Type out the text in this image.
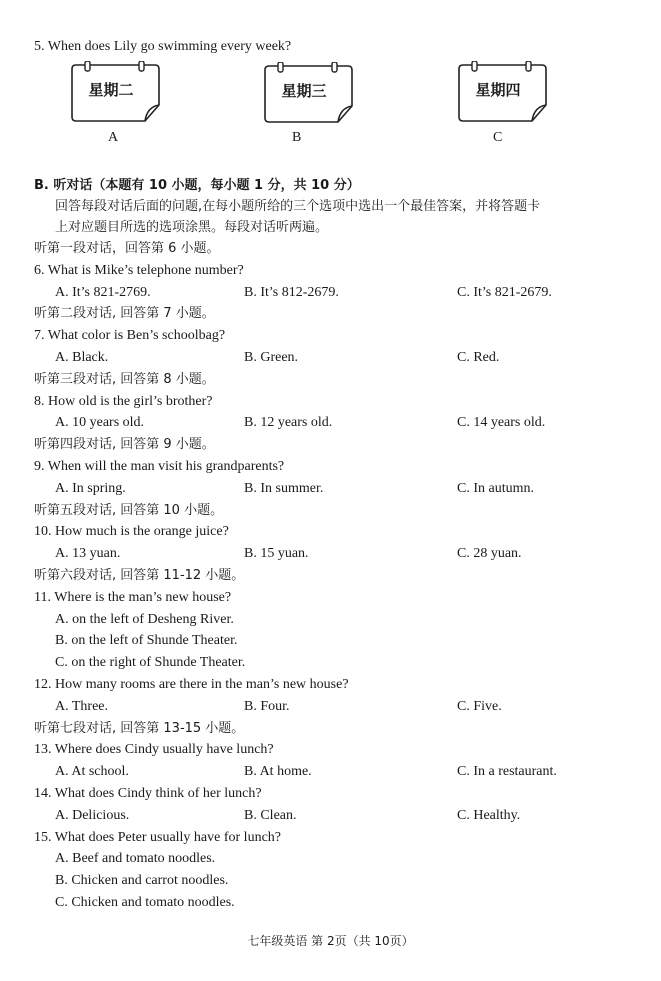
5. When does Lily go swimming every week?
星期二
A
星期三
B
星期四
C
B. 听对话（本题有 10 小题，每小题 1 分，共 10 分）
回答每段对话后面的问题,在每小题所给的三个选项中选出一个最佳答案，并将答题卡
上对应题目所选的选项涂黑。每段对话听两遍。
听第一段对话，回答第 6 小题。
6. What is Mike’s telephone number?
A. It’s 821-2769.	B. It’s 812-2679.	C. It’s 821-2679.
听第二段对话, 回答第 7 小题。
7. What color is Ben’s schoolbag?
A. Black.	B. Green.	C. Red.
听第三段对话, 回答第 8 小题。
8. How old is the girl’s brother?
A. 10 years old.	B. 12 years old.	C. 14 years old.
听第四段对话, 回答第 9 小题。
9. When will the man visit his grandparents?
A. In spring.	B. In summer.	C. In autumn.
听第五段对话, 回答第 10 小题。
10. How much is the orange juice?
A. 13 yuan.	B. 15 yuan.	C. 28 yuan.
听第六段对话, 回答第 11-12 小题。
11. Where is the man’s new house?
A. on the left of Desheng River.
B. on the left of Shunde Theater.
C. on the right of Shunde Theater.
12. How many rooms are there in the man’s new house?
A. Three.	B. Four.	C. Five.
听第七段对话, 回答第 13-15 小题。
13. Where does Cindy usually have lunch?
A. At school.	B. At home.	C. In a restaurant.
14. What does Cindy think of her lunch?
A. Delicious.	B. Clean.	C. Healthy.
15. What does Peter usually have for lunch?
A. Beef and tomato noodles.
B. Chicken and carrot noodles.
C. Chicken and tomato noodles.
七年级英语 第 2页（共 10页）
